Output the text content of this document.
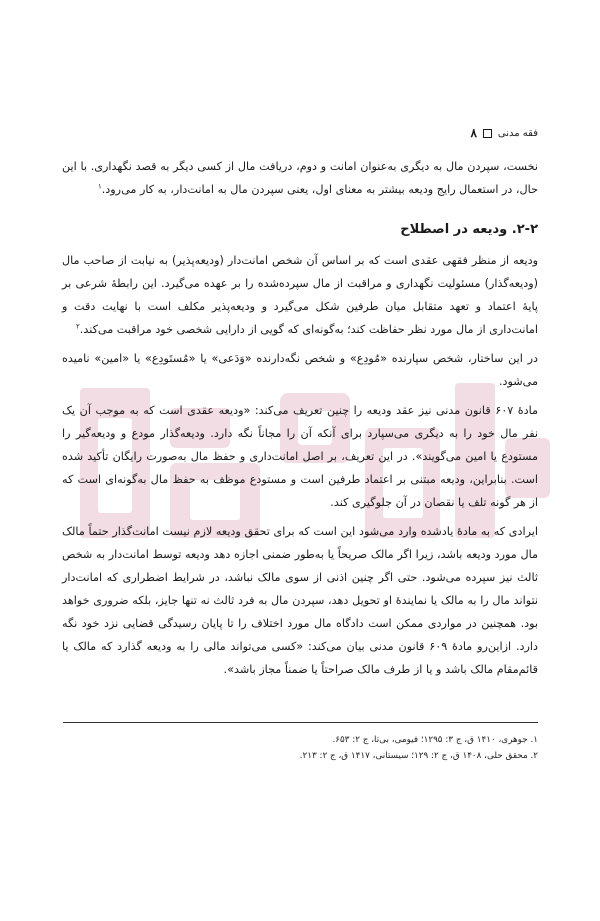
۸ فقه مدنی

نخست، سپردن مال به دیگری به‌عنوان امانت و دوم، دریافت مال از کسی دیگر به قصد نگهداری. با این حال، در استعمال رایج ودیعه بیشتر به معنای اول، یعنی سپردن مال به امانت‌دار، به کار می‌رود.$^۱$

۲-۲. ودیعه در اصطلاح

ودیعه از منظر فقهی عقدی است که بر اساس آن شخص امانت‌دار (ودیعه‌پذیر) به نیابت از صاحب مال (ودیعه‌گذار) مسئولیت نگهداری و مراقبت از مال سپرده‌شده را بر عهده می‌گیرد. این رابطهٔ شرعی بر پایهٔ اعتماد و تعهد متقابل میان طرفین شکل می‌گیرد و ودیعه‌پذیر مکلف است با نهایت دقت و امانت‌داری از مال مورد نظر حفاظت کند؛ به‌گونه‌ای که گویی از دارایی شخصی خود مراقبت می‌کند.$^۲$

در این ساختار، شخص سپارنده «مُودِع» و شخص نگه‌دارنده «وَدَعی» یا «مُستَودِع» یا «امین» نامیده می‌شود.

مادهٔ ۶۰۷ قانون مدنی نیز عقد ودیعه را چنین تعریف می‌کند: «ودیعه عقدی است که به موجب آن یک نفر مال خود را به دیگری می‌سپارد برای آنکه آن را مجاناً نگه دارد. ودیعه‌گذار مودع و ودیعه‌گیر را مستودع یا امین می‌گویند». در این تعریف، بر اصل امانت‌داری و حفظ مال به‌صورت رایگان تأکید شده است. بنابراین، ودیعه مبتنی بر اعتماد طرفین است و مستودع موظف به حفظ مال به‌گونه‌ای است که از هر گونه تلف یا نقصان در آن جلوگیری کند.

ایرادی که به مادهٔ یادشده وارد می‌شود این است که برای تحقق ودیعه لازم نیست امانت‌گذار حتماً مالک مال مورد ودیعه باشد، زیرا اگر مالک صریحاً یا به‌طور ضمنی اجازه دهد ودیعه توسط امانت‌دار به شخص ثالث نیز سپرده می‌شود. حتی اگر چنین اذنی از سوی مالک نباشد، در شرایط اضطراری که امانت‌دار نتواند مال را به مالک یا نمایندهٔ او تحویل دهد، سپردن مال به فرد ثالث نه تنها جایز، بلکه ضروری خواهد بود. همچنین در مواردی ممکن است دادگاه مال مورد اختلاف را تا پایان رسیدگی قضایی نزد خود نگه دارد. ازاین‌رو مادهٔ ۶۰۹ قانون مدنی بیان می‌کند: «کسی می‌تواند مالی را به ودیعه گذارد که مالک یا قائم‌مقام مالک باشد و یا از طرف مالک صراحتاً یا ضمناً مجاز باشد».

۱. جوهری، ۱۴۱۰ ق، ج ۳: ۱۲۹۵؛ فیومی، بی‌تا، ج ۲: ۶۵۳.
۲. محقق حلی، ۱۴۰۸ ق، ج ۲: ۱۲۹؛ سیستانی، ۱۴۱۷ ق، ج ۲: ۲۱۳.
